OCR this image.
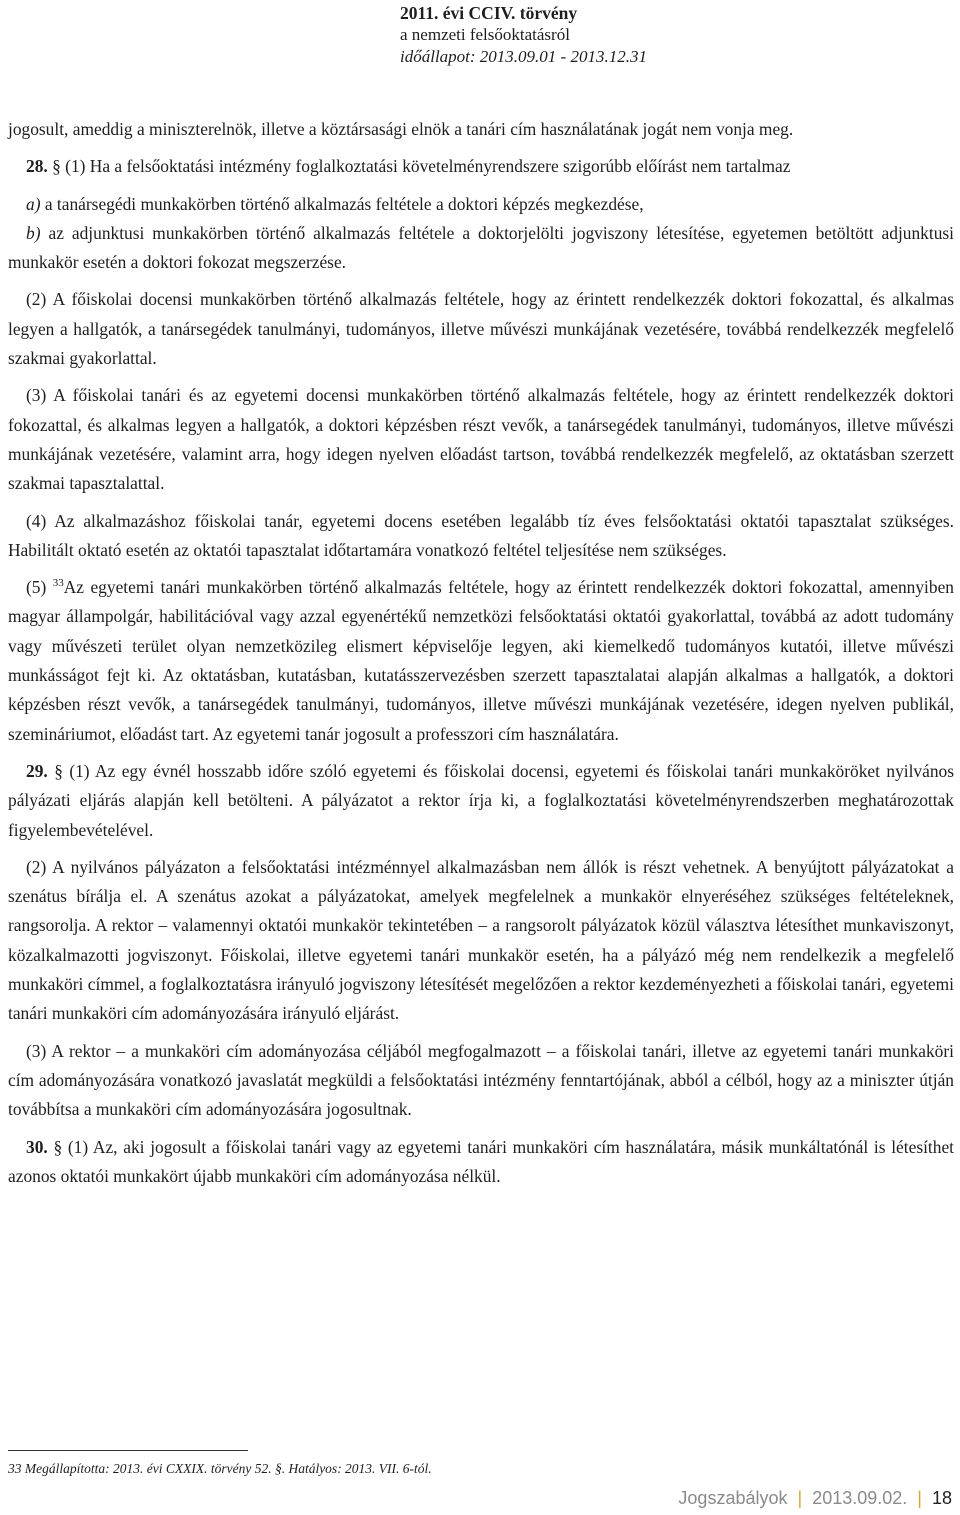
2011. évi CCIV. törvény
a nemzeti felsőoktatásról
időállapot: 2013.09.01 - 2013.12.31

jogosult, ameddig a miniszterelnök, illetve a köztársasági elnök a tanári cím használatának jogát nem vonja meg.

28. § (1) Ha a felsőoktatási intézmény foglalkoztatási követelményrendszere szigorúbb előírást nem tartalmaz

a) a tanársegédi munkakörben történő alkalmazás feltétele a doktori képzés megkezdése,

b) az adjunktusi munkakörben történő alkalmazás feltétele a doktorjelölti jogviszony létesítése, egyetemen betöltött adjunktusi munkakör esetén a doktori fokozat megszerzése.

(2) A főiskolai docensi munkakörben történő alkalmazás feltétele, hogy az érintett rendelkezzék doktori fokozattal, és alkalmas legyen a hallgatók, a tanársegédek tanulmányi, tudományos, illetve művészi munkájának vezetésére, továbbá rendelkezzék megfelelő szakmai gyakorlattal.

(3) A főiskolai tanári és az egyetemi docensi munkakörben történő alkalmazás feltétele, hogy az érintett rendelkezzék doktori fokozattal, és alkalmas legyen a hallgatók, a doktori képzésben részt vevők, a tanársegédek tanulmányi, tudományos, illetve művészi munkájának vezetésére, valamint arra, hogy idegen nyelven előadást tartson, továbbá rendelkezzék megfelelő, az oktatásban szerzett szakmai tapasztalattal.

(4) Az alkalmazáshoz főiskolai tanár, egyetemi docens esetében legalább tíz éves felsőoktatási oktatói tapasztalat szükséges. Habilitált oktató esetén az oktatói tapasztalat időtartamára vonatkozó feltétel teljesítése nem szükséges.

(5) $^{33}$Az egyetemi tanári munkakörben történő alkalmazás feltétele, hogy az érintett rendelkezzék doktori fokozattal, amennyiben magyar állampolgár, habilitációval vagy azzal egyenértékű nemzetközi felsőoktatási oktatói gyakorlattal, továbbá az adott tudomány vagy művészeti terület olyan nemzetközileg elismert képviselője legyen, aki kiemelkedő tudományos kutatói, illetve művészi munkásságot fejt ki. Az oktatásban, kutatásban, kutatásszervezésben szerzett tapasztalatai alapján alkalmas a hallgatók, a doktori képzésben részt vevők, a tanársegédek tanulmányi, tudományos, illetve művészi munkájának vezetésére, idegen nyelven publikál, szemináriumot, előadást tart. Az egyetemi tanár jogosult a professzori cím használatára.

29. § (1) Az egy évnél hosszabb időre szóló egyetemi és főiskolai docensi, egyetemi és főiskolai tanári munkaköröket nyilvános pályázati eljárás alapján kell betölteni. A pályázatot a rektor írja ki, a foglalkoztatási követelményrendszerben meghatározottak figyelembevételével.

(2) A nyilvános pályázaton a felsőoktatási intézménnyel alkalmazásban nem állók is részt vehetnek. A benyújtott pályázatokat a szenátus bírálja el. A szenátus azokat a pályázatokat, amelyek megfelelnek a munkakör elnyeréséhez szükséges feltételeknek, rangsorolja. A rektor – valamennyi oktatói munkakör tekintetében – a rangsorolt pályázatok közül választva létesíthet munkaviszonyt, közalkalmazotti jogviszonyt. Főiskolai, illetve egyetemi tanári munkakör esetén, ha a pályázó még nem rendelkezik a megfelelő munkaköri címmel, a foglalkoztatásra irányuló jogviszony létesítését megelőzően a rektor kezdeményezheti a főiskolai tanári, egyetemi tanári munkaköri cím adományozására irányuló eljárást.

(3) A rektor – a munkaköri cím adományozása céljából megfogalmazott – a főiskolai tanári, illetve az egyetemi tanári munkaköri cím adományozására vonatkozó javaslatát megküldi a felsőoktatási intézmény fenntartójának, abból a célból, hogy az a miniszter útján továbbítsa a munkaköri cím adományozására jogosultnak.

30. § (1) Az, aki jogosult a főiskolai tanári vagy az egyetemi tanári munkaköri cím használatára, másik munkáltatónál is létesíthet azonos oktatói munkakört újabb munkaköri cím adományozása nélkül.

33 Megállapította: 2013. évi CXXIX. törvény 52. §. Hatályos: 2013. VII. 6-tól.
Jogszabályok | 2013.09.02. | 18
